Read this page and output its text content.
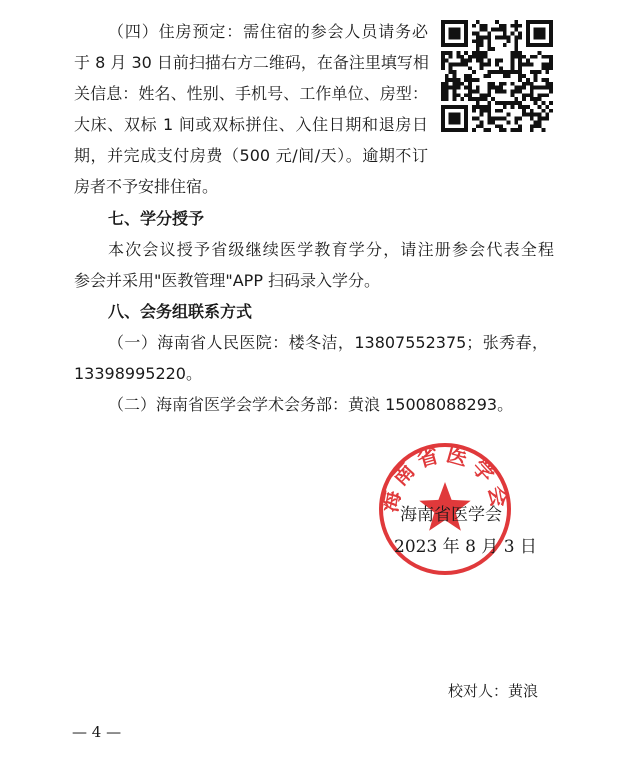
（四）住房预定：需住宿的参会人员请务必
于 8 月 30 日前扫描右方二维码，在备注里填写相
关信息：姓名、性别、手机号、工作单位、房型：
大床、双标 1 间或双标拼住、入住日期和退房日
期，并完成支付房费（500 元/间/天）。逾期不订
房者不予安排住宿。
七、学分授予
本次会议授予省级继续医学教育学分，请注册参会代表全程
参会并采用"医教管理"APP 扫码录入学分。
八、会务组联系方式
（一）海南省人民医院：楼冬洁，13807552375；张秀春，
13398995220。
（二）海南省医学会学术会务部：黄浪 15008088293。
海南省医学会
海南省医学会
2023 年 8 月 3 日
校对人：黄浪
— 4 —
